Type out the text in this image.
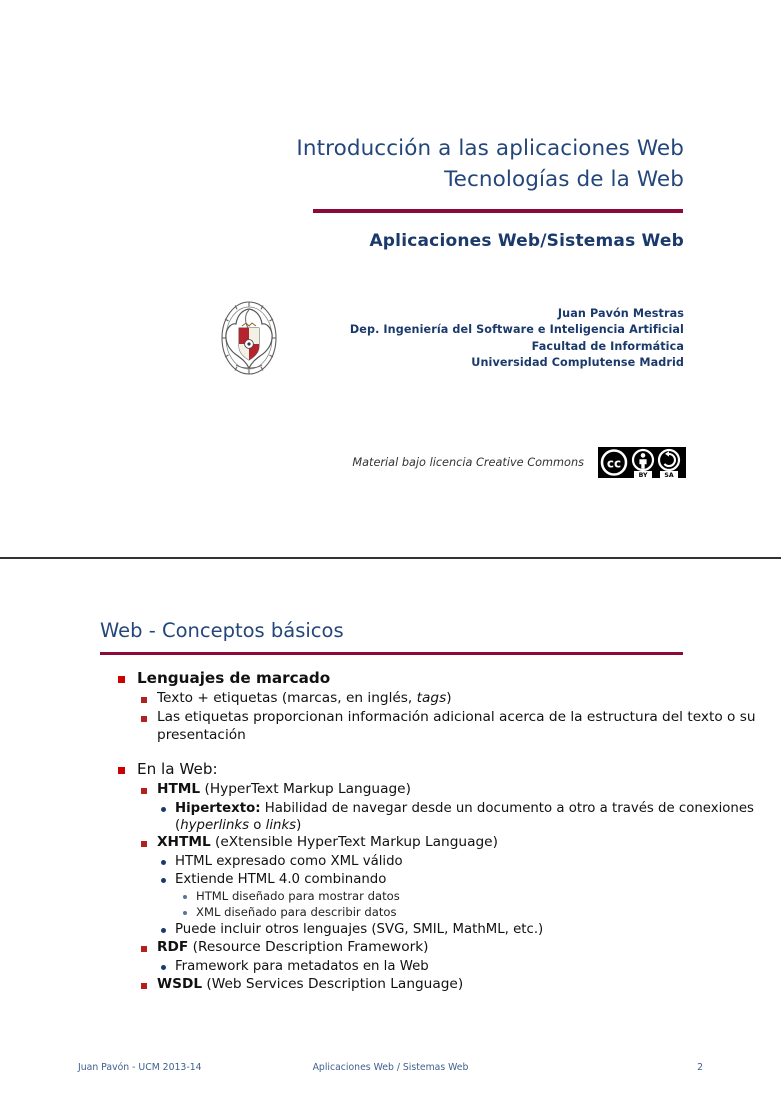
Introducción a las aplicaciones Web
Tecnologías de la Web
Aplicaciones Web/Sistemas Web
Juan Pavón Mestras
Dep. Ingeniería del Software e Inteligencia Artificial
Facultad de Informática
Universidad Complutense Madrid
Material bajo licencia Creative Commons cc
BY	SA
Web - Conceptos básicos
Lenguajes de marcado
Texto + etiquetas (marcas, en inglés, tags)
Las etiquetas proporcionan información adicional acerca de la estructura del texto o su presentación
En la Web:
HTML (HyperText Markup Language)
Hipertexto: Habilidad de navegar desde un documento a otro a través de conexiones (hyperlinks o links)
XHTML (eXtensible HyperText Markup Language)
HTML expresado como XML válido
Extiende HTML 4.0 combinando
HTML diseñado para mostrar datos
XML diseñado para describir datos
Puede incluir otros lenguajes (SVG, SMIL, MathML, etc.)
RDF (Resource Description Framework)
Framework para metadatos en la Web
WSDL (Web Services Description Language)
Juan Pavón - UCM 2013-14	Aplicaciones Web / Sistemas Web	2
